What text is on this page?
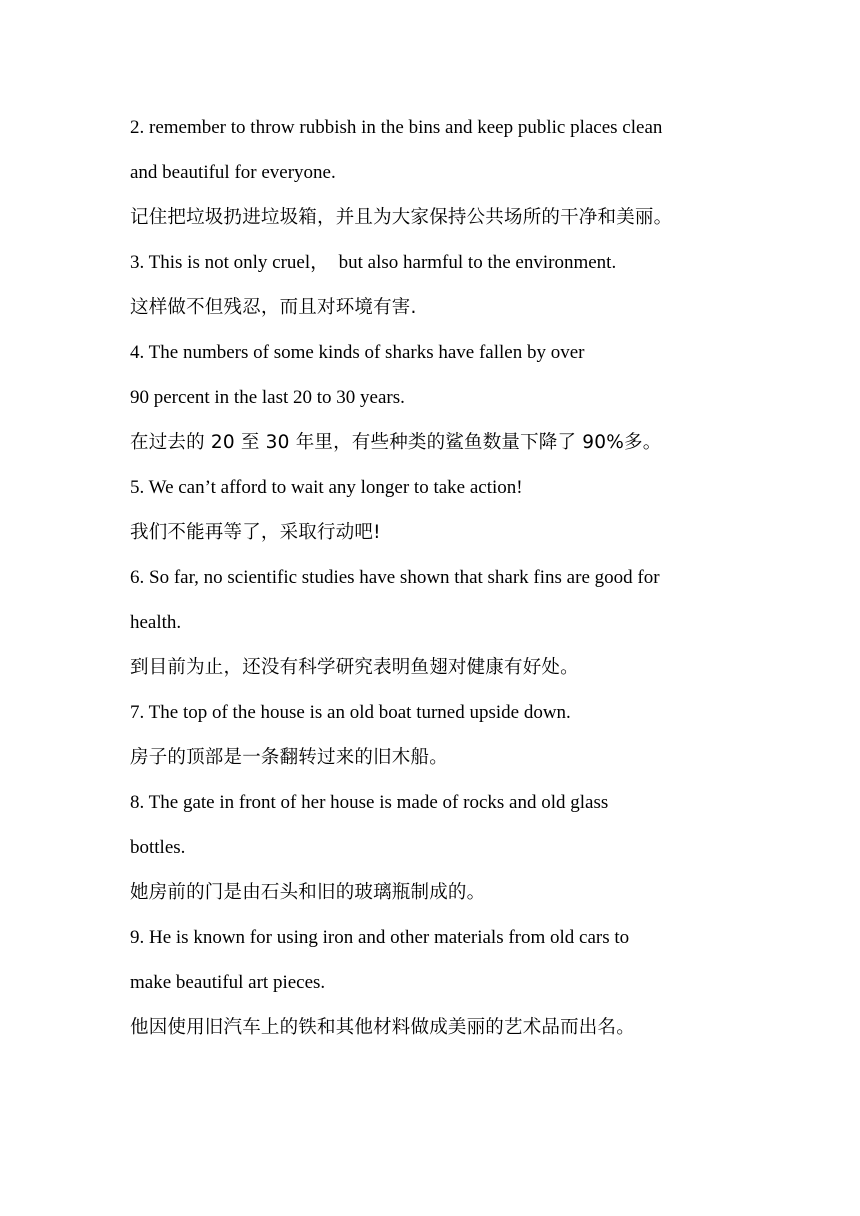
2. remember to throw rubbish in the bins and keep public places clean
and beautiful for everyone.
记住把垃圾扔进垃圾箱，并且为大家保持公共场所的干净和美丽。
3. This is not only cruel，  but also harmful to the environment.
这样做不但残忍，而且对环境有害.
4. The numbers of some kinds of sharks have fallen by over
90 percent in the last 20 to 30 years.
在过去的 20 至 30 年里，有些种类的鲨鱼数量下降了 90%多。
5. We can’t afford to wait any longer to take action!
我们不能再等了，采取行动吧!
6. So far, no scientific studies have shown that shark fins are good for
health.
到目前为止，还没有科学研究表明鱼翅对健康有好处。
7. The top of the house is an old boat turned upside down.
房子的顶部是一条翻转过来的旧木船。
8. The gate in front of her house is made of rocks and old glass
bottles.
她房前的门是由石头和旧的玻璃瓶制成的。
9. He is known for using iron and other materials from old cars to
make beautiful art pieces.
他因使用旧汽车上的铁和其他材料做成美丽的艺术品而出名。
